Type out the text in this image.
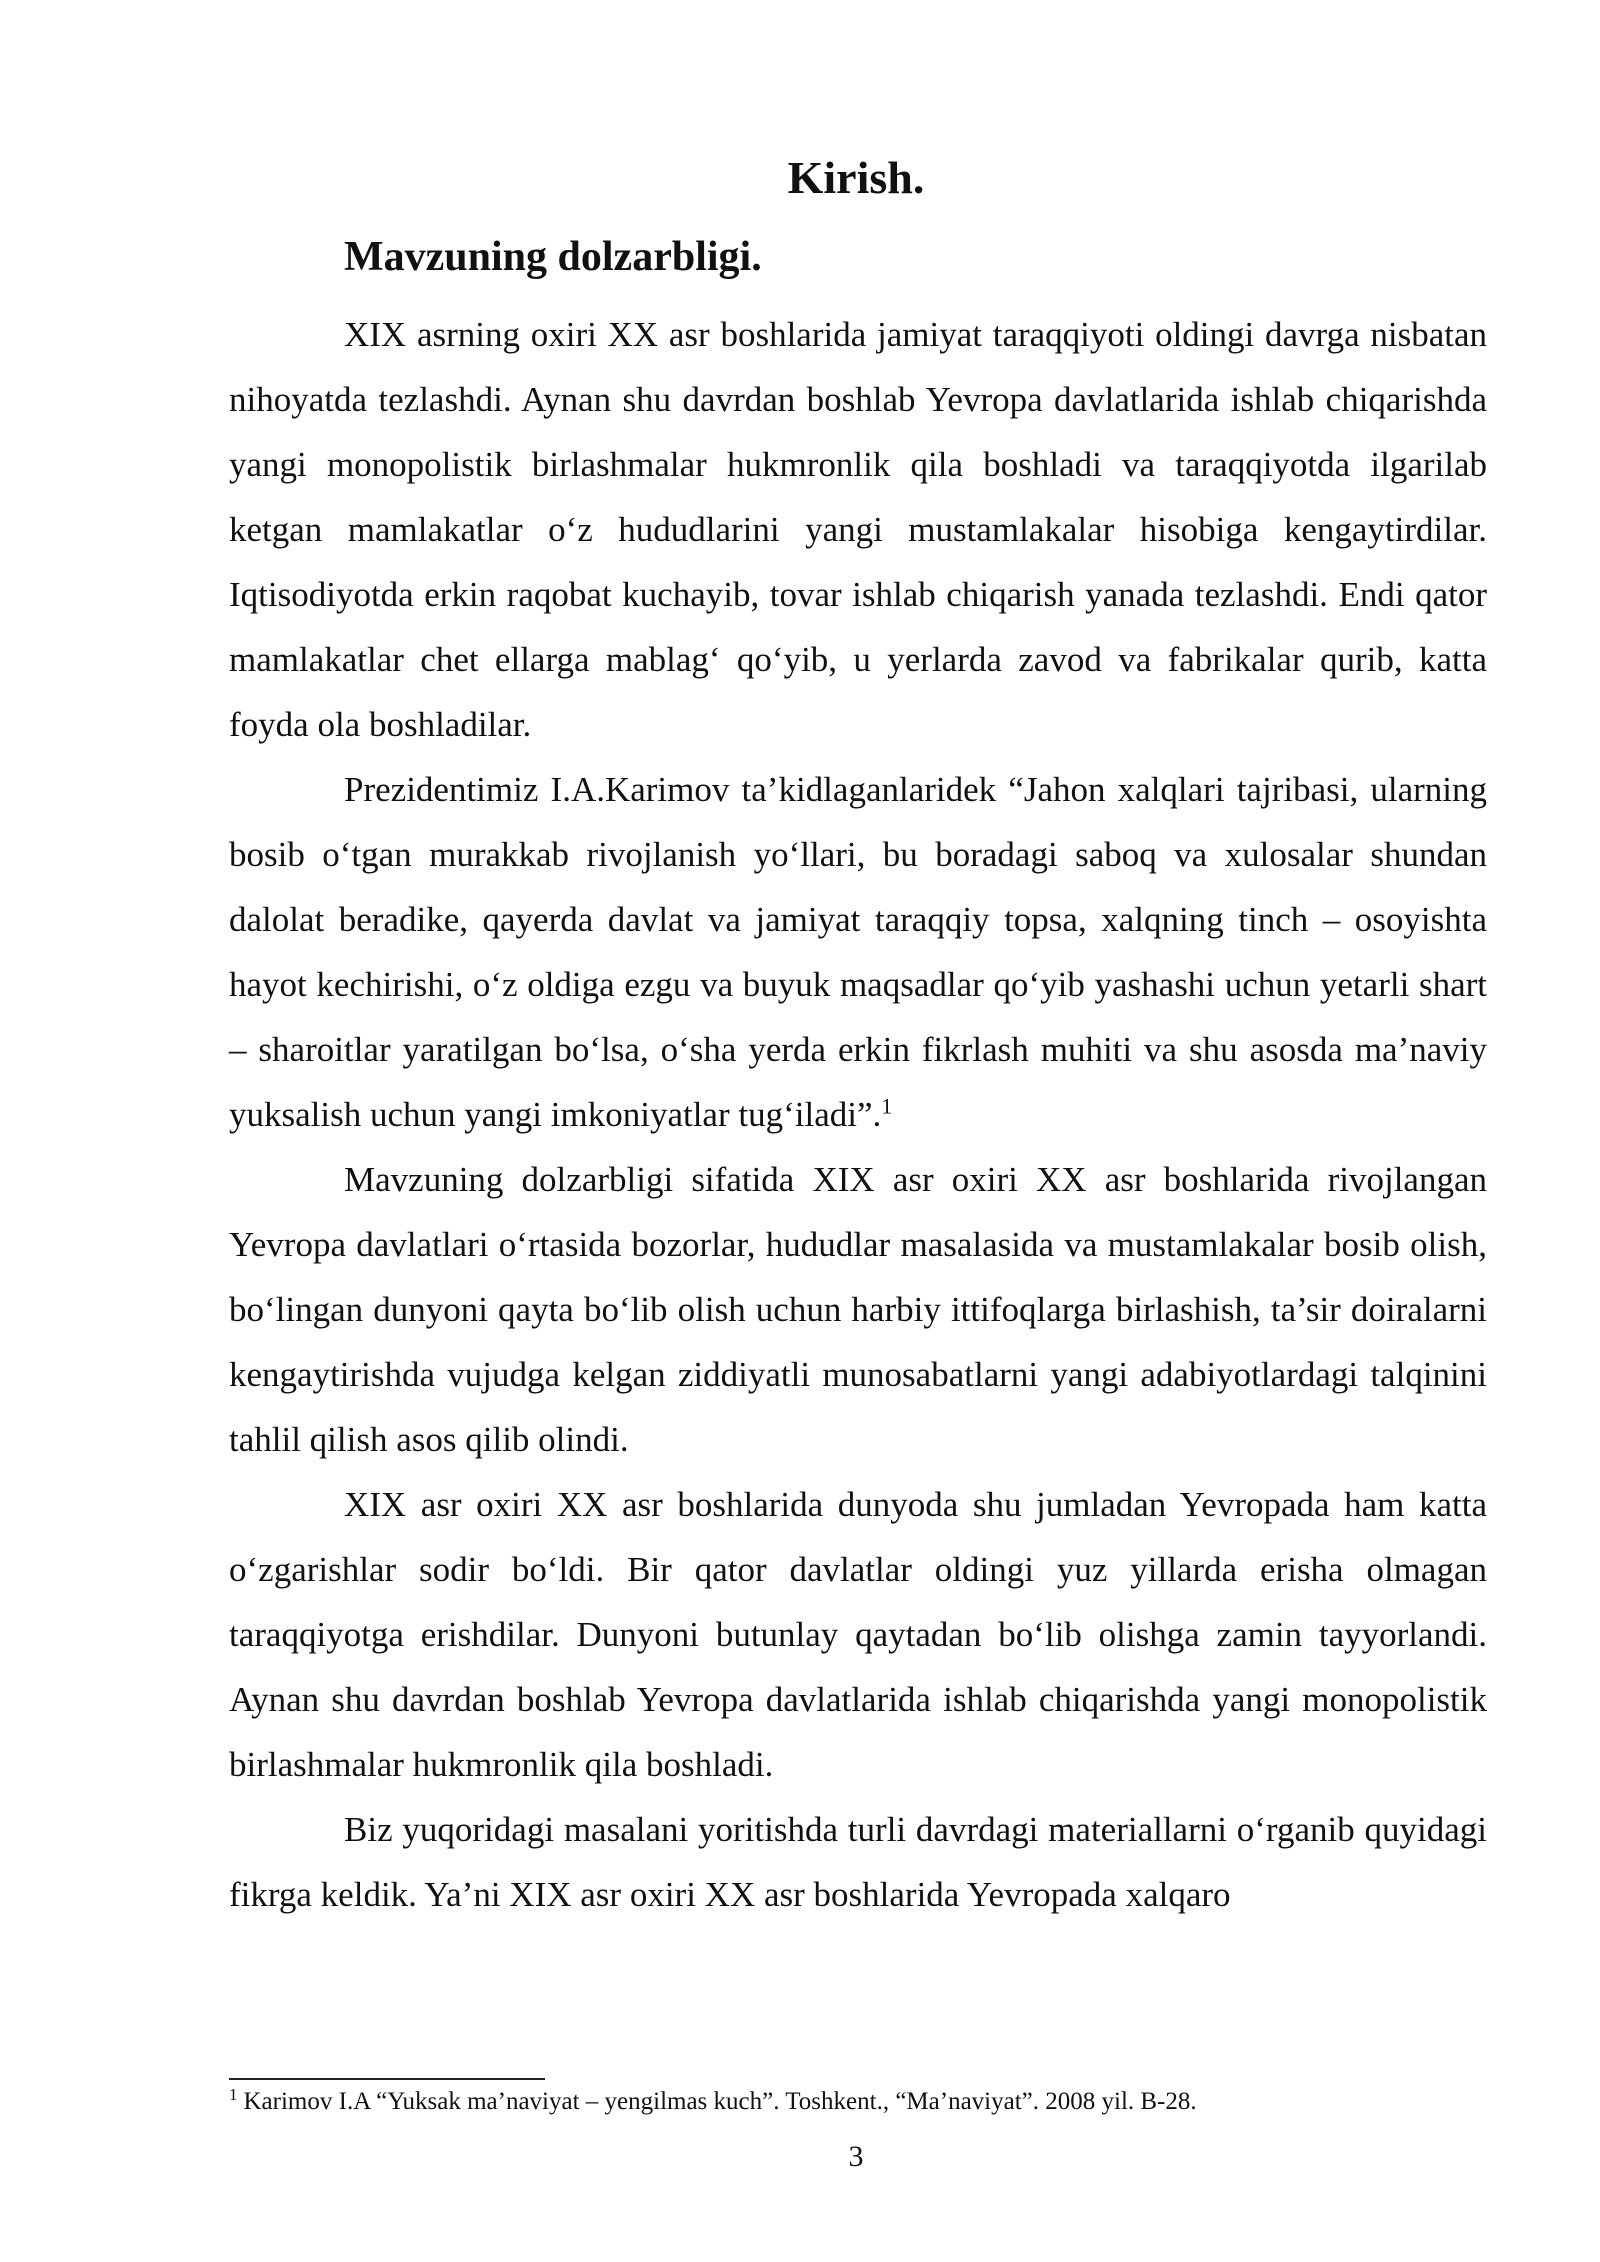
Kirish.
Mavzuning dolzarbligi.

XIX asrning oxiri XX asr boshlarida jamiyat taraqqiyoti oldingi davrga nisbatan nihoyatda tezlashdi. Aynan shu davrdan boshlab Yevropa davlatlarida ishlab chiqarishda yangi monopolistik birlashmalar hukmronlik qila boshladi va taraqqiyotda ilgarilab ketgan mamlakatlar o‘z hududlarini yangi mustamlakalar hisobiga kengaytirdilar. Iqtisodiyotda erkin raqobat kuchayib, tovar ishlab chiqarish yanada tezlashdi. Endi qator mamlakatlar chet ellarga mablag‘ qo‘yib, u yerlarda zavod va fabrikalar qurib, katta foyda ola boshladilar.

Prezidentimiz I.A.Karimov ta’kidlaganlaridek “Jahon xalqlari tajribasi, ularning bosib o‘tgan murakkab rivojlanish yo‘llari, bu boradagi saboq va xulosalar shundan dalolat beradike, qayerda davlat va jamiyat taraqqiy topsa, xalqning tinch – osoyishta hayot kechirishi, o‘z oldiga ezgu va buyuk maqsadlar qo‘yib yashashi uchun yetarli shart – sharoitlar yaratilgan bo‘lsa, o‘sha yerda erkin fikrlash muhiti va shu asosda ma’naviy yuksalish uchun yangi imkoniyatlar tug‘iladi”.$^1$

Mavzuning dolzarbligi sifatida XIX asr oxiri XX asr boshlarida rivojlangan Yevropa davlatlari o‘rtasida bozorlar, hududlar masalasida va mustamlakalar bosib olish, bo‘lingan dunyoni qayta bo‘lib olish uchun harbiy ittifoqlarga birlashish, ta’sir doiralarni kengaytirishda vujudga kelgan ziddiyatli munosabatlarni yangi adabiyotlardagi talqinini tahlil qilish asos qilib olindi.

XIX asr oxiri XX asr boshlarida dunyoda shu jumladan Yevropada ham katta o‘zgarishlar sodir bo‘ldi. Bir qator davlatlar oldingi yuz yillarda erisha olmagan taraqqiyotga erishdilar. Dunyoni butunlay qaytadan bo‘lib olishga zamin tayyorlandi. Aynan shu davrdan boshlab Yevropa davlatlarida ishlab chiqarishda yangi monopolistik birlashmalar hukmronlik qila boshladi.

Biz yuqoridagi masalani yoritishda turli davrdagi materiallarni o‘rganib quyidagi fikrga keldik. Ya’ni XIX asr oxiri XX asr boshlarida Yevropada xalqaro

$^1$ Karimov I.A “Yuksak ma’naviyat – yengilmas kuch”. Toshkent., “Ma’naviyat”. 2008 yil. B-28.

3
